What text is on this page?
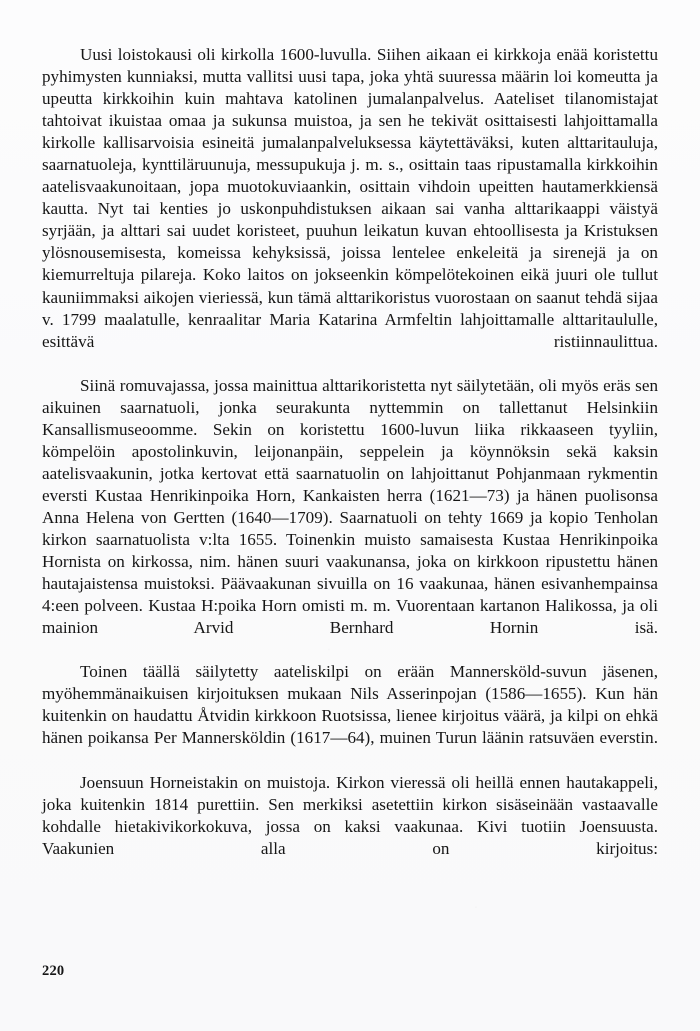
Uusi loistokausi oli kirkolla 1600-luvulla. Siihen aikaan ei kirkkoja enää koristettu pyhimysten kunniaksi, mutta vallitsi uusi tapa, joka yhtä suuressa määrin loi komeutta ja upeutta kirkkoihin kuin mahtava katolinen jumalanpalvelus. Aateliset tilanomistajat tahtoivat ikuistaa omaa ja sukunsa muistoa, ja sen he tekivät osittaisesti lahjoittamalla kirkolle kallisarvoisia esineitä jumalanpalveluksessa käytettäväksi, kuten alttaritauluja, saarnatuoleja, kynttiläruunuja, messupukuja j. m. s., osittain taas ripustamalla kirkkoihin aatelisvaakunoitaan, jopa muotokuviaankin, osittain vihdoin upeitten hautamerkkiensä kautta. Nyt tai kenties jo uskonpuhdistuksen aikaan sai vanha alttarikaappi väistyä syrjään, ja alttari sai uudet koristeet, puuhun leikatun kuvan ehtoollisesta ja Kristuksen ylösnousemisesta, komeissa kehyksissä, joissa lentelee enkeleitä ja sirenejä ja on kiemurreltuja pilareja. Koko laitos on jokseenkin kömpelötekoinen eikä juuri ole tullut kauniimmaksi aikojen vieriessä, kun tämä alttarikoristus vuorostaan on saanut tehdä sijaa v. 1799 maalatulle, kenraalitar Maria Katarina Armfeltin lahjoittamalle alttaritaululle, esittävä ristiinnaulittua.

Siinä romuvajassa, jossa mainittua alttarikoristetta nyt säilytetään, oli myös eräs sen aikuinen saarnatuoli, jonka seurakunta nyttemmin on tallettanut Helsinkiin Kansallismuseoomme. Sekin on koristettu 1600-luvun liika rikkaaseen tyyliin, kömpelöin apostolinkuvin, leijonanpäin, seppelein ja köynnöksin sekä kaksin aatelisvaakunin, jotka kertovat että saarnatuolin on lahjoittanut Pohjanmaan rykmentin eversti Kustaa Henrikinpoika Horn, Kankaisten herra (1621—73) ja hänen puolisonsa Anna Helena von Gertten (1640—1709). Saarnatuoli on tehty 1669 ja kopio Tenholan kirkon saarnatuolista v:lta 1655. Toinenkin muisto samaisesta Kustaa Henrikinpoika Hornista on kirkossa, nim. hänen suuri vaakunansa, joka on kirkkoon ripustettu hänen hautajaistensa muistoksi. Päävaakunan sivuilla on 16 vaakunaa, hänen esivanhempainsa 4:een polveen. Kustaa H:poika Horn omisti m. m. Vuorentaan kartanon Halikossa, ja oli mainion Arvid Bernhard Hornin isä.

Toinen täällä säilytetty aateliskilpi on erään Mannersköld-suvun jäsenen, myöhemmänaikuisen kirjoituksen mukaan Nils Asserinpojan (1586—1655). Kun hän kuitenkin on haudattu Åtvidin kirkkoon Ruotsissa, lienee kirjoitus väärä, ja kilpi on ehkä hänen poikansa Per Mannersköldin (1617—64), muinen Turun läänin ratsuväen everstin.

Joensuun Horneistakin on muistoja. Kirkon vieressä oli heillä ennen hautakappeli, joka kuitenkin 1814 purettiin. Sen merkiksi asetettiin kirkon sisäseinään vastaavalle kohdalle hietakivikorkokuva, jossa on kaksi vaakunaa. Kivi tuotiin Joensuusta. Vaakunien alla on kirjoitus:

220
